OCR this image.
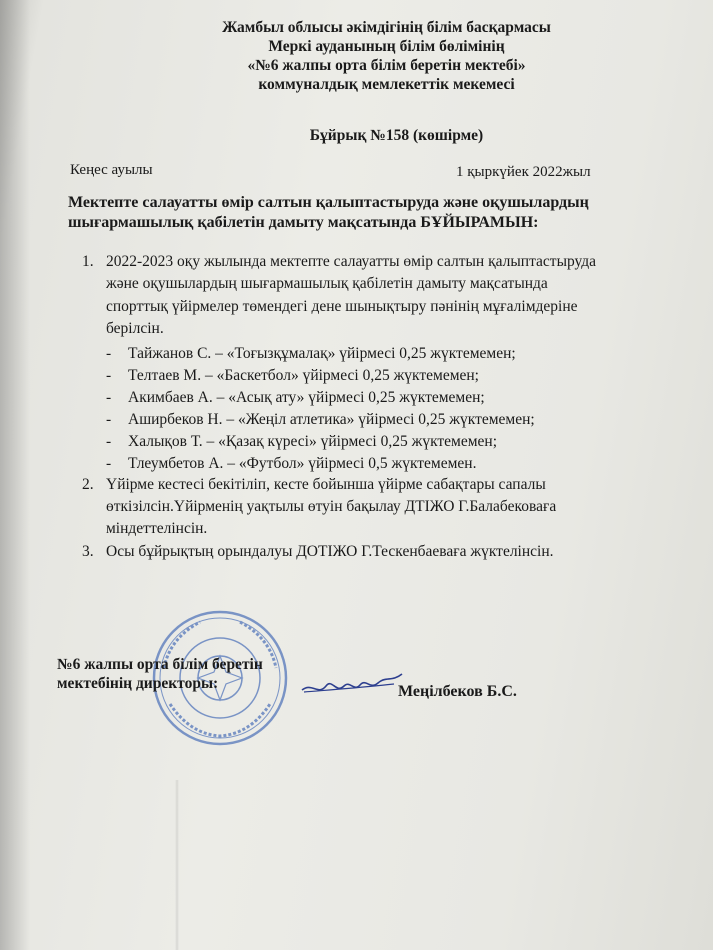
Жамбыл облысы әкімдігінің білім басқармасы
Меркі ауданының білім бөлімінің
«№6 жалпы орта білім беретін мектебі»
коммуналдық мемлекеттік мекемесі
Бұйрық №158 (көшірме)
Кеңес ауылы	1 қыркүйек 2022жыл
Мектепте салауатты өмір салтын қалыптастыруда және оқушылардың
шығармашылық қабілетін дамыту мақсатында БҰЙЫРАМЫН:
1. 2022-2023 оқу жылында мектепте салауатты өмір салтын қалыптастыруда
және оқушылардың шығармашылық қабілетін дамыту мақсатында
спорттық үйірмелер төмендегі дене шынықтыру пәнінің мұғалімдеріне
берілсін.
- Тайжанов С. – «Тоғызқұмалақ» үйірмесі 0,25 жүктемемен;
- Телтаев М. – «Баскетбол» үйірмесі 0,25 жүктемемен;
- Акимбаев А. – «Асық ату» үйірмесі 0,25 жүктемемен;
- Аширбеков Н. – «Жеңіл атлетика» үйірмесі 0,25 жүктемемен;
- Халықов Т. – «Қазақ күресі» үйірмесі 0,25 жүктемемен;
- Тлеумбетов А. – «Футбол» үйірмесі 0,5 жүктемемен.
2. Үйірме кестесі бекітіліп, кесте бойынша үйірме сабақтары сапалы
өткізілсін.Үйірменің уақтылы өтуін бақылау ДТІЖО Г.Балабековаға
міндеттелінсін.
3. Осы бұйрықтың орындалуы ДОТІЖО Г.Тескенбаеваға жүктелінсін.
№6 жалпы орта білім беретін
мектебінің директоры:	Меңілбеков Б.С.
